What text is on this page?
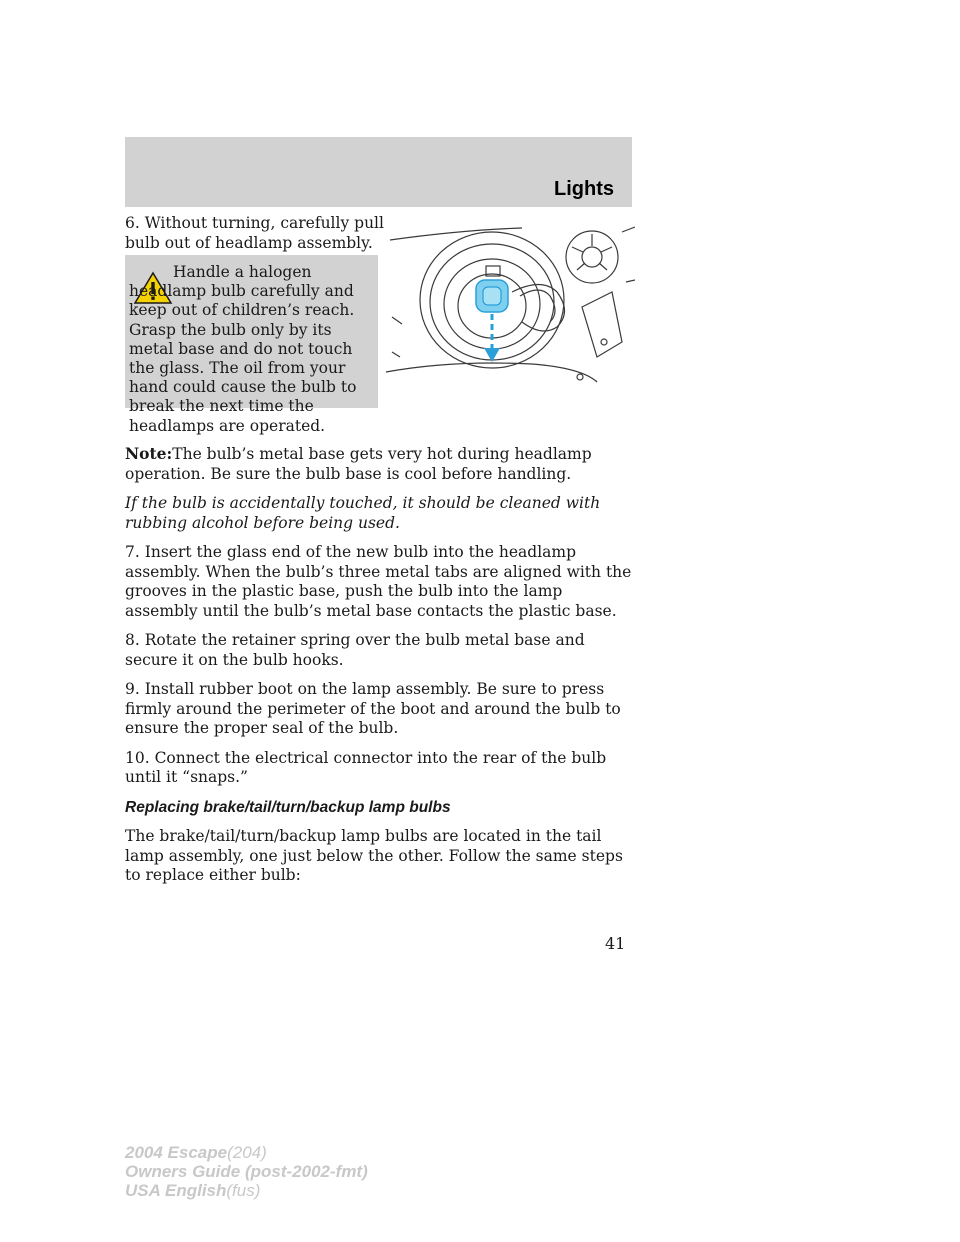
Lights

6. Without turning, carefully pull bulb out of headlamp assembly.

Handle a halogen headlamp bulb carefully and keep out of children’s reach. Grasp the bulb only by its metal base and do not touch the glass. The oil from your hand could cause the bulb to break the next time the headlamps are operated.

Note:The bulb’s metal base gets very hot during headlamp operation. Be sure the bulb base is cool before handling.

If the bulb is accidentally touched, it should be cleaned with rubbing alcohol before being used.

7. Insert the glass end of the new bulb into the headlamp assembly. When the bulb’s three metal tabs are aligned with the grooves in the plastic base, push the bulb into the lamp assembly until the bulb’s metal base contacts the plastic base.

8. Rotate the retainer spring over the bulb metal base and secure it on the bulb hooks.

9. Install rubber boot on the lamp assembly. Be sure to press firmly around the perimeter of the boot and around the bulb to ensure the proper seal of the bulb.

10. Connect the electrical connector into the rear of the bulb until it “snaps.”

Replacing brake/tail/turn/backup lamp bulbs

The brake/tail/turn/backup lamp bulbs are located in the tail lamp assembly, one just below the other. Follow the same steps to replace either bulb:

41
2004 Escape(204)
Owners Guide (post-2002-fmt)
USA English(fus)
